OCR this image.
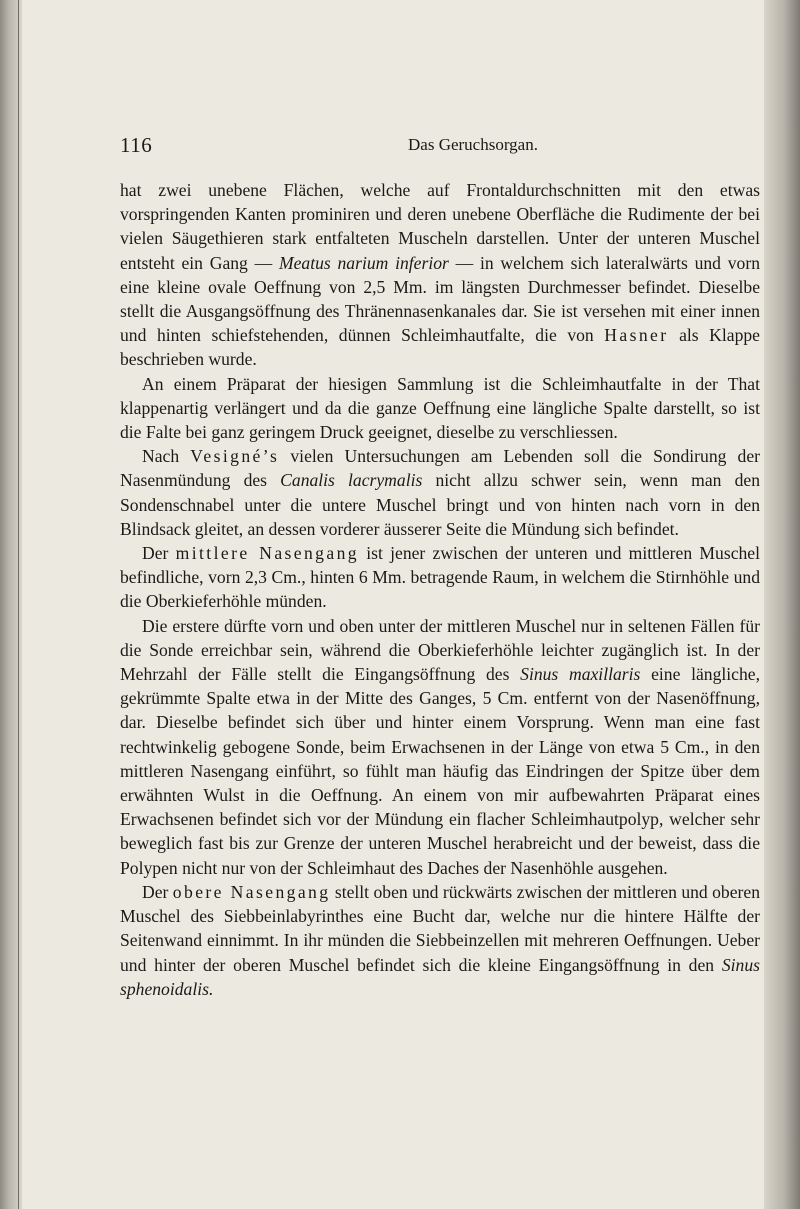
116	Das Geruchsorgan.

hat zwei unebene Flächen, welche auf Frontaldurchschnitten mit den etwas vorspringenden Kanten prominiren und deren unebene Oberfläche die Rudimente der bei vielen Säugethieren stark entfalteten Muscheln darstellen. Unter der unteren Muschel entsteht ein Gang — Meatus narium inferior — in welchem sich lateralwärts und vorn eine kleine ovale Oeffnung von 2,5 Mm. im längsten Durchmesser befindet. Dieselbe stellt die Ausgangsöffnung des Thränennasenkanales dar. Sie ist versehen mit einer innen und hinten schiefstehenden, dünnen Schleimhautfalte, die von Hasner als Klappe beschrieben wurde.

An einem Präparat der hiesigen Sammlung ist die Schleimhautfalte in der That klappenartig verlängert und da die ganze Oeffnung eine längliche Spalte darstellt, so ist die Falte bei ganz geringem Druck geeignet, dieselbe zu verschliessen.

Nach Vesigné’s vielen Untersuchungen am Lebenden soll die Sondirung der Nasenmündung des Canalis lacrymalis nicht allzu schwer sein, wenn man den Sondenschnabel unter die untere Muschel bringt und von hinten nach vorn in den Blindsack gleitet, an dessen vorderer äusserer Seite die Mündung sich befindet.

Der mittlere Nasengang ist jener zwischen der unteren und mittleren Muschel befindliche, vorn 2,3 Cm., hinten 6 Mm. betragende Raum, in welchem die Stirnhöhle und die Oberkieferhöhle münden.

Die erstere dürfte vorn und oben unter der mittleren Muschel nur in seltenen Fällen für die Sonde erreichbar sein, während die Oberkieferhöhle leichter zugänglich ist. In der Mehrzahl der Fälle stellt die Eingangsöffnung des Sinus maxillaris eine längliche, gekrümmte Spalte etwa in der Mitte des Ganges, 5 Cm. entfernt von der Nasenöffnung, dar. Dieselbe befindet sich über und hinter einem Vorsprung. Wenn man eine fast rechtwinkelig gebogene Sonde, beim Erwachsenen in der Länge von etwa 5 Cm., in den mittleren Nasengang einführt, so fühlt man häufig das Eindringen der Spitze über dem erwähnten Wulst in die Oeffnung. An einem von mir aufbewahrten Präparat eines Erwachsenen befindet sich vor der Mündung ein flacher Schleimhautpolyp, welcher sehr beweglich fast bis zur Grenze der unteren Muschel herabreicht und der beweist, dass die Polypen nicht nur von der Schleimhaut des Daches der Nasenhöhle ausgehen.

Der obere Nasengang stellt oben und rückwärts zwischen der mittleren und oberen Muschel des Siebbeinlabyrinthes eine Bucht dar, welche nur die hintere Hälfte der Seitenwand einnimmt. In ihr münden die Siebbeinzellen mit mehreren Oeffnungen. Ueber und hinter der oberen Muschel befindet sich die kleine Eingangsöffnung in den Sinus sphenoidalis.
